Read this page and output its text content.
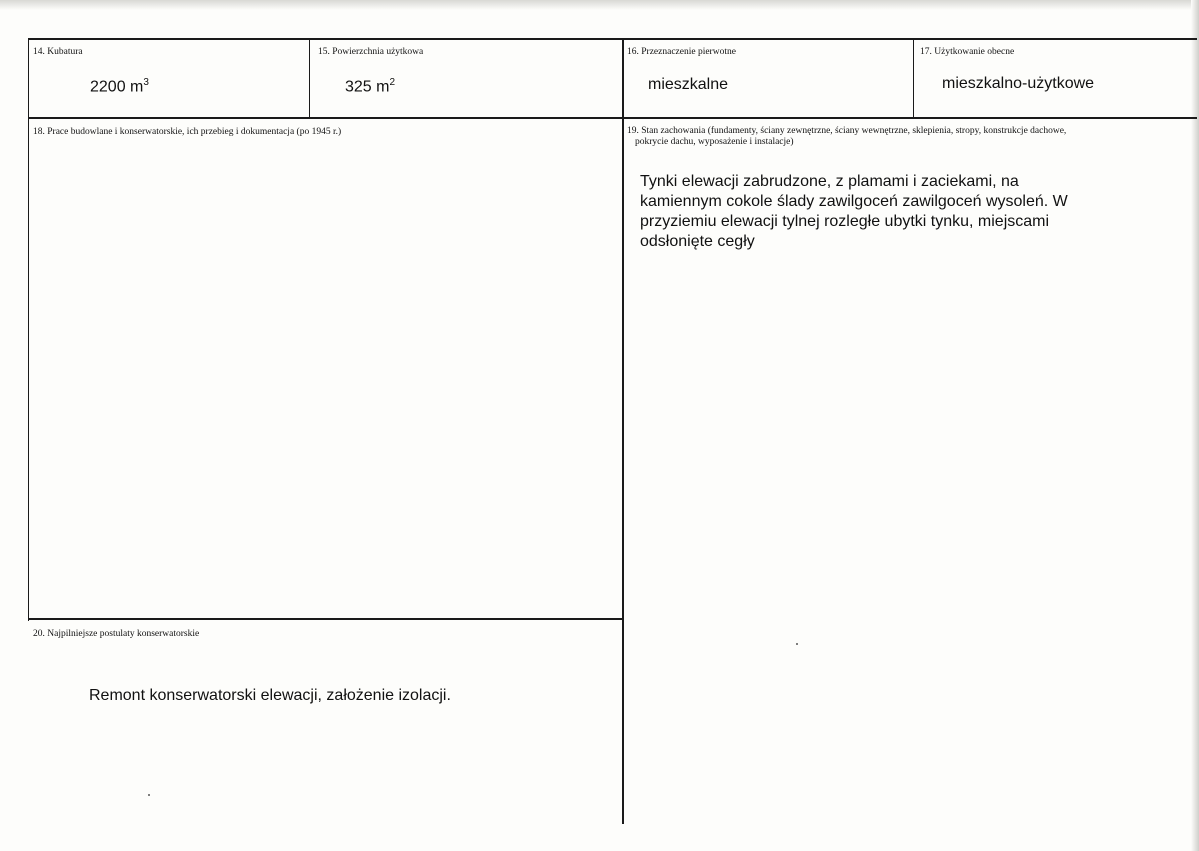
14. Kubatura
2200 $m^3$
15. Powierzchnia użytkowa
325 $m^2$
16. Przeznaczenie pierwotne
mieszkalne
17. Użytkowanie obecne
mieszkalno-użytkowe
18. Prace budowlane i konserwatorskie, ich przebieg i dokumentacja (po 1945 r.)	19. Stan zachowania (fundamenty, ściany zewnętrzne, ściany wewnętrzne, sklepienia, stropy, konstrukcje dachowe,
pokrycie dachu, wyposażenie i instalacje)
Tynki elewacji zabrudzone, z plamami i zaciekami, na
kamiennym cokole ślady zawilgoceń zawilgoceń wysoleń. W
przyziemiu elewacji tylnej rozległe ubytki tynku, miejscami
odsłonięte cegły
20. Najpilniejsze postulaty konserwatorskie
Remont konserwatorski elewacji, założenie izolacji.
